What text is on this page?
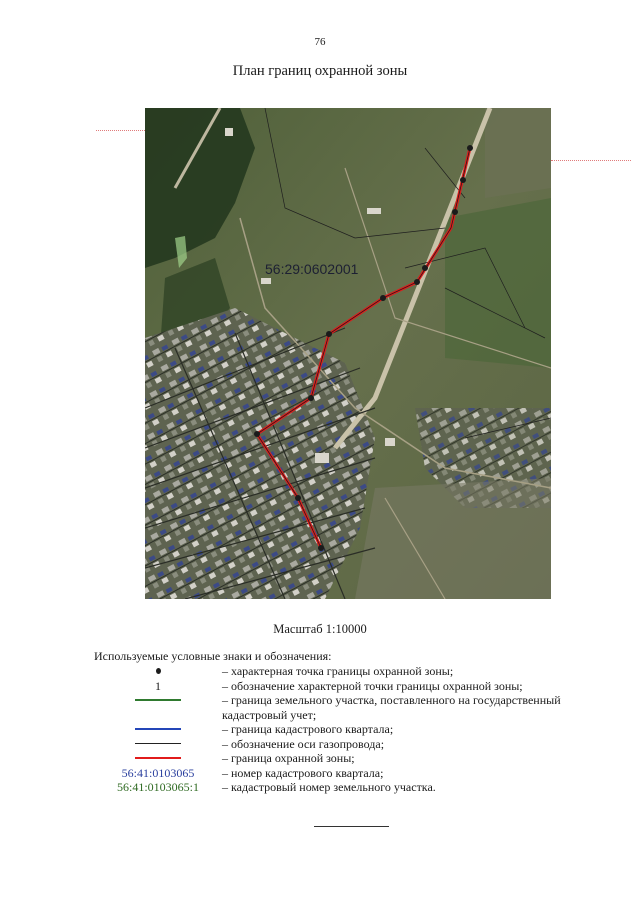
76
План границ охранной зоны
56:29:0602001
Масштаб 1:10000
Используемые условные знаки и обозначения:
– характерная точка границы охранной зоны;
1	– обозначение характерной точки границы охранной зоны;
– граница земельного участка, поставленного на государственный кадастровый учет;
– граница кадастрового квартала;
– обозначение оси газопровода;
– граница охранной зоны;
56:41:0103065 – номер кадастрового квартала;
56:41:0103065:1 – кадастровый номер земельного участка.
